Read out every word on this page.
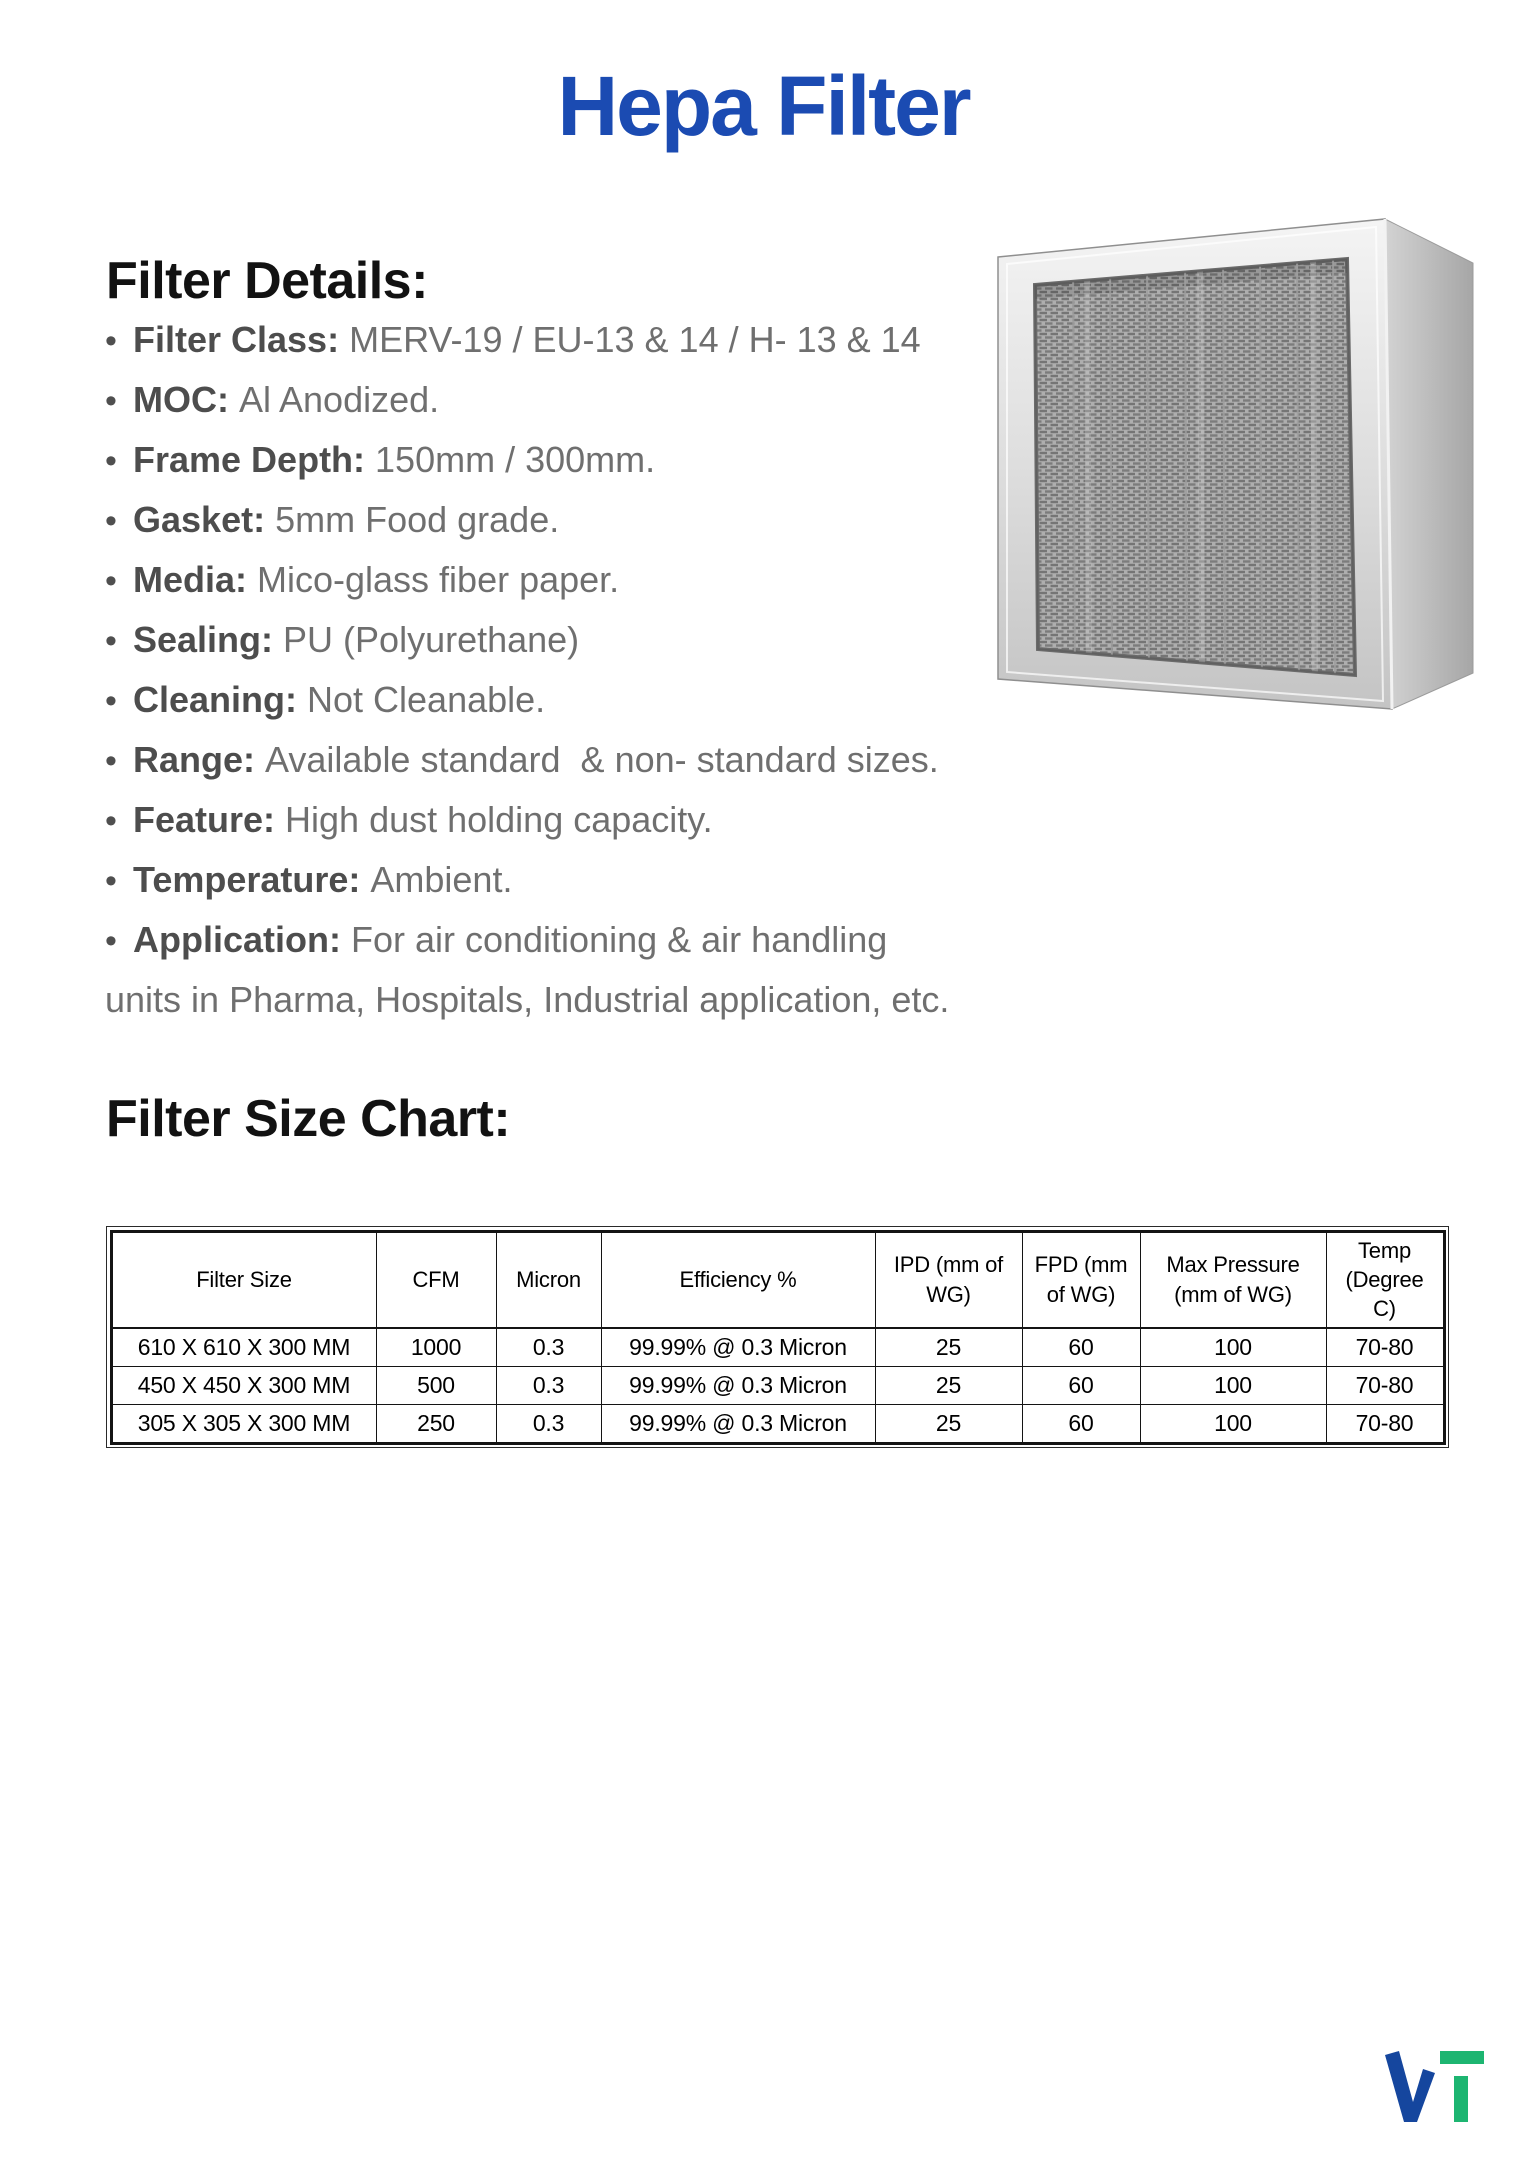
Hepa Filter
Filter Details:
• Filter Class: MERV-19 / EU-13 & 14 / H- 13 & 14
• MOC: Al Anodized.
• Frame Depth: 150mm / 300mm.
• Gasket: 5mm Food grade.
• Media: Mico-glass fiber paper.
• Sealing: PU (Polyurethane)
• Cleaning: Not Cleanable.
• Range: Available standard  & non- standard sizes.
• Feature: High dust holding capacity.
• Temperature: Ambient.
• Application: For air conditioning & air handling
units in Pharma, Hospitals, Industrial application, etc.
Filter Size Chart:
Filter Size	CFM	Micron	Efficiency %	IPD (mm of WG)	FPD (mm of WG)	Max Pressure (mm of WG)	Temp (Degree C)
610 X 610 X 300 MM	1000	0.3	99.99% @ 0.3 Micron	25	60	100	70-80
450 X 450 X 300 MM	500	0.3	99.99% @ 0.3 Micron	25	60	100	70-80
305 X 305 X 300 MM	250	0.3	99.99% @ 0.3 Micron	25	60	100	70-80
